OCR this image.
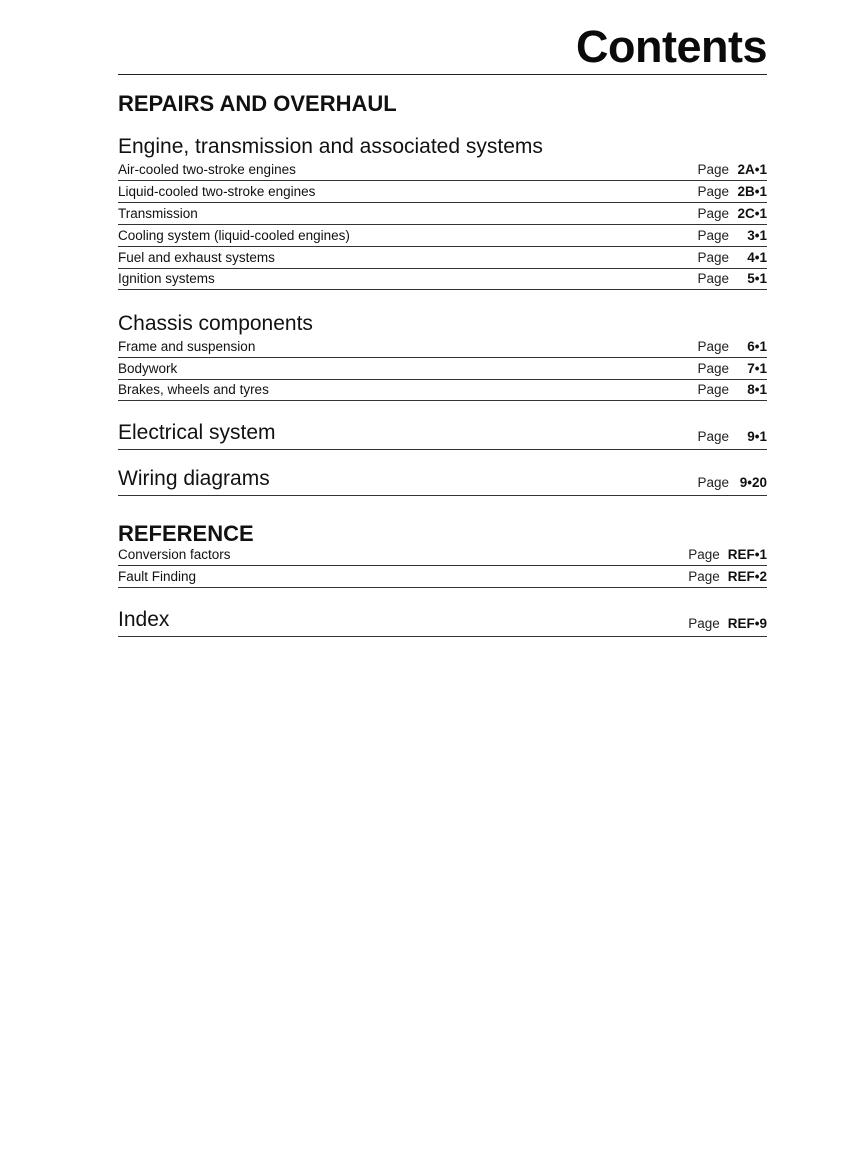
Contents
REPAIRS AND OVERHAUL
Engine, transmission and associated systems
Air-cooled two-stroke engines	Page 2A•1
Liquid-cooled two-stroke engines	Page 2B•1
Transmission	Page 2C•1
Cooling system (liquid-cooled engines)	Page 3•1
Fuel and exhaust systems	Page 4•1
Ignition systems	Page 5•1
Chassis components
Frame and suspension	Page 6•1
Bodywork	Page 7•1
Brakes, wheels and tyres	Page 8•1
Electrical system	Page 9•1
Wiring diagrams	Page 9•20
REFERENCE
Conversion factors	Page REF•1
Fault Finding	Page REF•2
Index	Page REF•9
